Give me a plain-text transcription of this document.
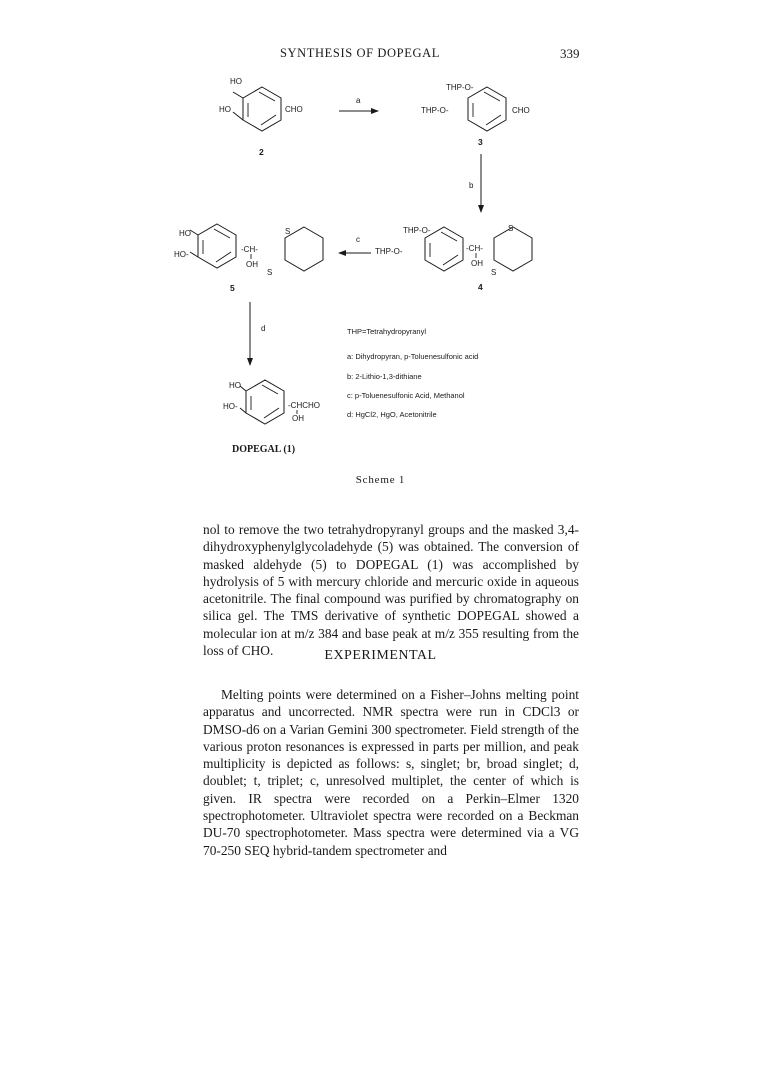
SYNTHESIS OF DOPEGAL	339
HO
HO	CHO
2
a
THP-O-
THP-O-	CHO
3
b
THP-O-
THP-O-	-CH-
OH
S
S
4
c
HO
HO-
-CH-
OH
S
S
5
d
HO
HO-	-CHCHO
OH
DOPEGAL (1)
THP=Tetrahydropyranyl
a: Dihydropyran, p-Toluenesulfonic acid
b: 2-Lithio-1,3-dithiane
c: p-Toluenesulfonic Acid, Methanol
d: HgCl2, HgO, Acetonitrile
Scheme 1

nol to remove the two tetrahydropyranyl groups and the masked 3,4-dihydroxyphenylglycoladehyde (5) was obtained. The conversion of masked aldehyde (5) to DOPEGAL (1) was accomplished by hydrolysis of 5 with mercury chloride and mercuric oxide in aqueous acetonitrile. The final compound was purified by chromatography on silica gel. The TMS derivative of synthetic DOPEGAL showed a molecular ion at m/z 384 and base peak at m/z 355 resulting from the loss of CHO.	EXPERIMENTAL

Melting points were determined on a Fisher–Johns melting point apparatus and uncorrected. NMR spectra were run in CDCl3 or DMSO-d6 on a Varian Gemini 300 spectrometer. Field strength of the various proton resonances is expressed in parts per million, and peak multiplicity is depicted as follows: s, singlet; br, broad singlet; d, doublet; t, triplet; c, unresolved multiplet, the center of which is given. IR spectra were recorded on a Perkin–Elmer 1320 spectrophotometer. Ultraviolet spectra were recorded on a Beckman DU-70 spectrophotometer. Mass spectra were determined via a VG 70-250 SEQ hybrid-tandem spectrometer and
